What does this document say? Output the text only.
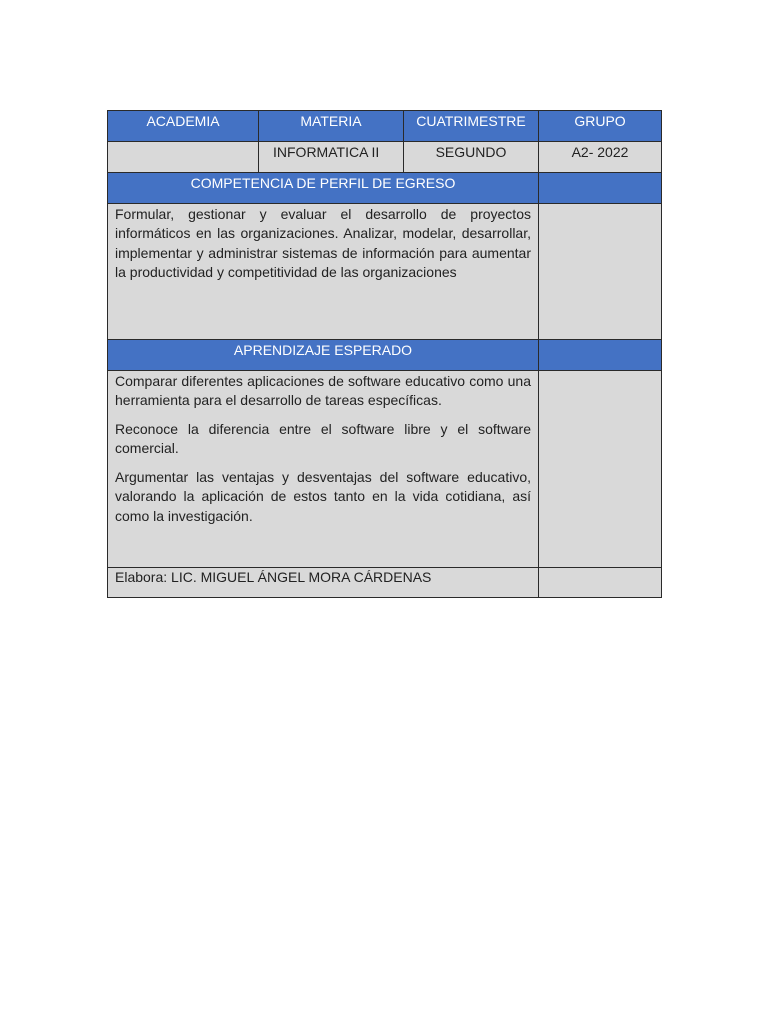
ACADEMIA	MATERIA	CUATRIMESTRE	GRUPO
	INFORMATICA II	SEGUNDO	A2- 2022
COMPETENCIA DE PERFIL DE EGRESO			

Formular, gestionar y evaluar el desarrollo de proyectos informáticos en las organizaciones. Analizar, modelar, desarrollar, implementar y administrar sistemas de información para aumentar la productividad y competitividad de las organizaciones			

APRENDIZAJE ESPERADO			

Comparar diferentes aplicaciones de software educativo como una herramienta para el desarrollo de tareas específicas.

Reconoce la diferencia entre el software libre y el software comercial.

Argumentar las ventajas y desventajas del software educativo, valorando la aplicación de estos tanto en la vida cotidiana, así como la investigación.			

Elabora: LIC. MIGUEL ÁNGEL MORA CÁRDENAS			
